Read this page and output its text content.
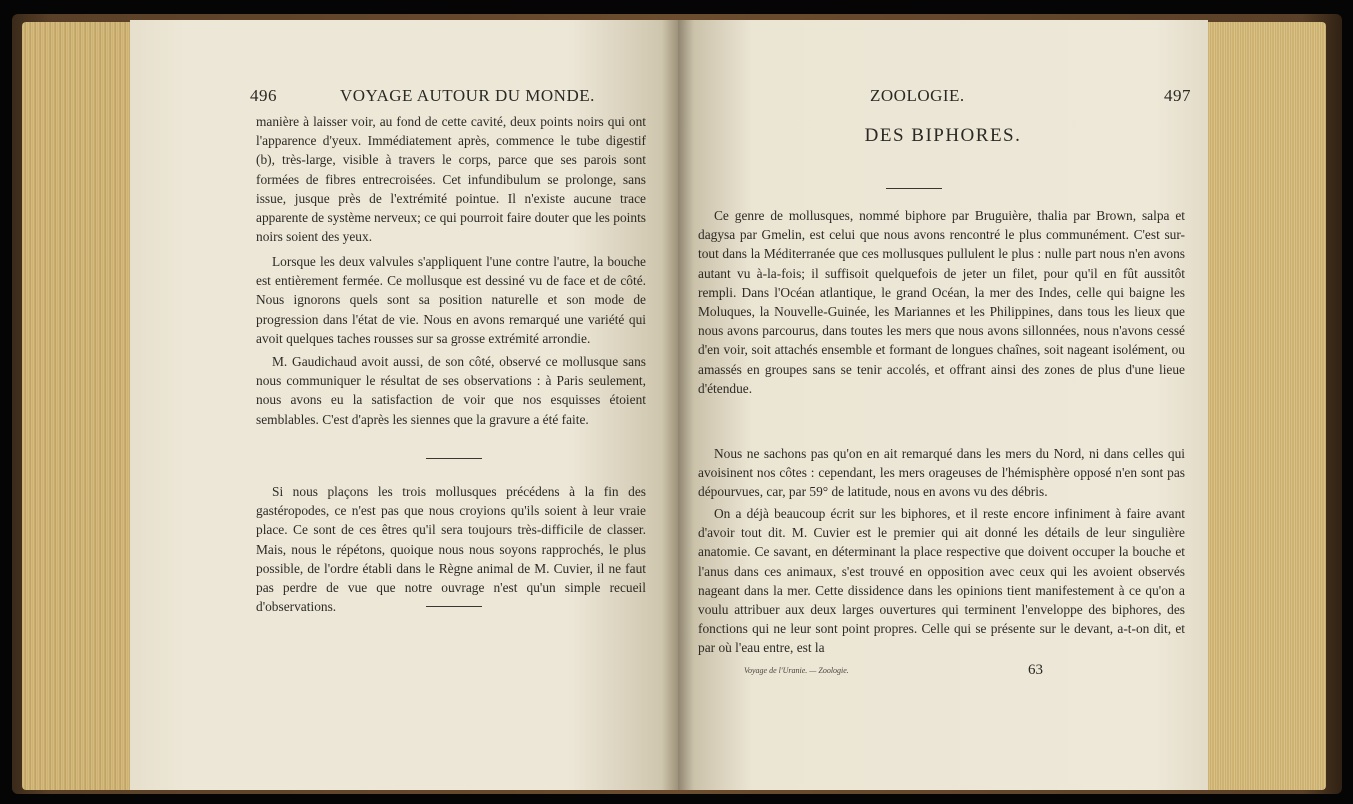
496	VOYAGE AUTOUR DU MONDE.

manière à laisser voir, au fond de cette cavité, deux points noirs qui ont l'apparence d'yeux. Immédiatement après, commence le tube digestif (b), très-large, visible à travers le corps, parce que ses parois sont formées de fibres entrecroisées. Cet infundibulum se prolonge, sans issue, jusque près de l'extrémité pointue. Il n'existe aucune trace apparente de système nerveux; ce qui pourroit faire douter que les points noirs soient des yeux.

Lorsque les deux valvules s'appliquent l'une contre l'autre, la bouche est entièrement fermée. Ce mollusque est dessiné vu de face et de côté. Nous ignorons quels sont sa position naturelle et son mode de progression dans l'état de vie. Nous en avons remarqué une variété qui avoit quelques taches rousses sur sa grosse extrémité arrondie.

M. Gaudichaud avoit aussi, de son côté, observé ce mollusque sans nous communiquer le résultat de ses observations : à Paris seulement, nous avons eu la satisfaction de voir que nos esquisses étoient semblables. C'est d'après les siennes que la gravure a été faite.

Si nous plaçons les trois mollusques précédens à la fin des gastéropodes, ce n'est pas que nous croyions qu'ils soient à leur vraie place. Ce sont de ces êtres qu'il sera toujours très-difficile de classer. Mais, nous le répétons, quoique nous nous soyons rapprochés, le plus possible, de l'ordre établi dans le Règne animal de M. Cuvier, il ne faut pas perdre de vue que notre ouvrage n'est qu'un simple recueil d'observations.

ZOOLOGIE.	497
DES BIPHORES.

Ce genre de mollusques, nommé biphore par Bruguière, thalia par Brown, salpa et dagysa par Gmelin, est celui que nous avons rencontré le plus communément. C'est sur-tout dans la Méditerranée que ces mollusques pullulent le plus : nulle part nous n'en avons autant vu à-la-fois; il suffisoit quelquefois de jeter un filet, pour qu'il en fût aussitôt rempli. Dans l'Océan atlantique, le grand Océan, la mer des Indes, celle qui baigne les Moluques, la Nouvelle-Guinée, les Mariannes et les Philippines, dans tous les lieux que nous avons parcourus, dans toutes les mers que nous avons sillonnées, nous n'avons cessé d'en voir, soit attachés ensemble et formant de longues chaînes, soit nageant isolément, ou amassés en groupes sans se tenir accolés, et offrant ainsi des zones de plus d'une lieue d'étendue.

Nous ne sachons pas qu'on en ait remarqué dans les mers du Nord, ni dans celles qui avoisinent nos côtes : cependant, les mers orageuses de l'hémisphère opposé n'en sont pas dépourvues, car, par 59° de latitude, nous en avons vu des débris.

On a déjà beaucoup écrit sur les biphores, et il reste encore infiniment à faire avant d'avoir tout dit. M. Cuvier est le premier qui ait donné les détails de leur singulière anatomie. Ce savant, en déterminant la place respective que doivent occuper la bouche et l'anus dans ces animaux, s'est trouvé en opposition avec ceux qui les avoient observés nageant dans la mer. Cette dissidence dans les opinions tient manifestement à ce qu'on a voulu attribuer aux deux larges ouvertures qui terminent l'enveloppe des biphores, des fonctions qui ne leur sont point propres. Celle qui se présente sur le devant, a-t-on dit, et par où l'eau entre, est la

Voyage de l'Uranie. — Zoologie.	63
